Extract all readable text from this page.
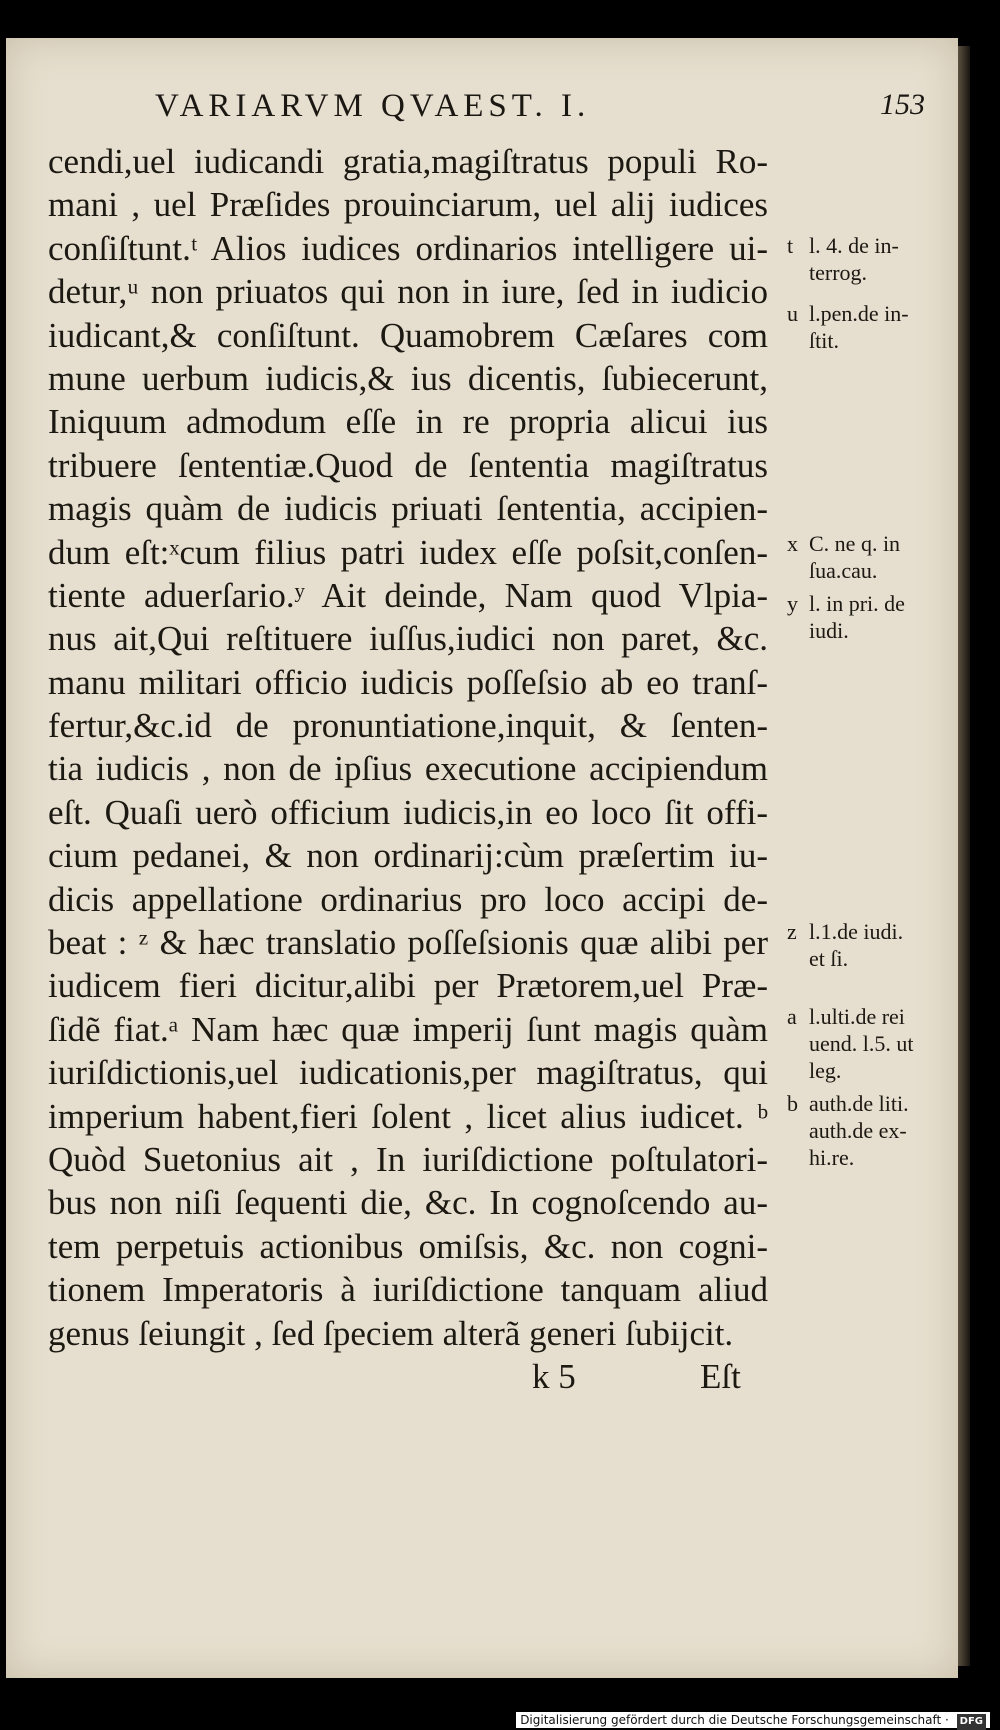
VARIARVM QVAEST. I.	153
cendi,uel iudicandi gratia,magiſtratus populi Ro-
mani , uel Præſides prouinciarum, uel alij iudices
conſiſtunt.ᵗ Alios iudices ordinarios intelligere ui-
detur,ᵘ non priuatos qui non in iure, ſed in iudicio
iudicant,& conſiſtunt. Quamobrem Cæſares com
mune uerbum iudicis,& ius dicentis, ſubiecerunt,
Iniquum admodum eſſe in re propria alicui ius
tribuere ſententiæ.Quod de ſententia magiſtratus
magis quàm de iudicis priuati ſententia, accipien-
dum eſt:ˣcum filius patri iudex eſſe poſsit,conſen-
tiente aduerſario.ʸ Ait deinde, Nam quod Vlpia-
nus ait,Qui reſtituere iuſſus,iudici non paret, &c.
manu militari officio iudicis poſſeſsio ab eo tranſ-
fertur,&c.id de pronuntiatione,inquit, & ſenten-
tia iudicis , non de ipſius executione accipiendum
eſt. Quaſi uerò officium iudicis,in eo loco ſit offi-
cium pedanei, & non ordinarij:cùm præſertim iu-
dicis appellatione ordinarius pro loco accipi de-
beat : ᶻ & hæc translatio poſſeſsionis quæ alibi per
iudicem fieri dicitur,alibi per Prætorem,uel Præ-
ſidẽ fiat.ᵃ Nam hæc quæ imperij ſunt magis quàm
iuriſdictionis,uel iudicationis,per magiſtratus, qui
imperium habent,fieri ſolent , licet alius iudicet. ᵇ
Quòd Suetonius ait , In iuriſdictione poſtulatori-
bus non niſi ſequenti die, &c. In cognoſcendo au-
tem perpetuis actionibus omiſsis, &c. non cogni-
tionem Imperatoris à iuriſdictione tanquam aliud
genus ſeiungit , ſed ſpeciem alterã generi ſubijcit.
k 5	Eſt
t l. 4. de in-
terrog.
u l.pen.de in-
ſtit.
x C. ne q. in
ſua.cau.
y l. in pri. de
iudi.
z l.1.de iudi.
et ſi.
a l.ulti.de rei
uend. l.5. ut
leg.
b auth.de liti.
auth.de ex-
hi.re.
Digitalisierung gefördert durch die Deutsche Forschungsgemeinschaft · DFG
